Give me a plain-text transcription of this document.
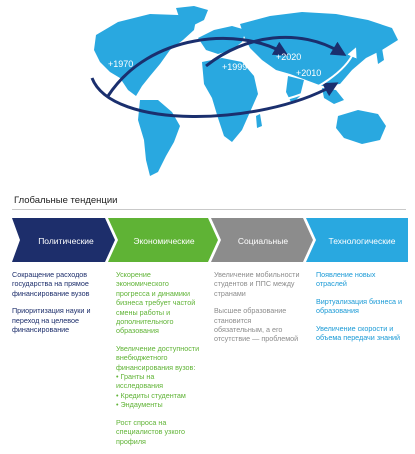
+1970	+1999
+2020
+2010
Глобальные тенденции
Политические	Экономические	Социальные	Технологические

Сокращение расходов государства на прямое финансирование вузов

Приоритизация науки и переход на целевое финансирование

Ускорение экономического прогресса и динамики бизнеса требует частой смены работы и дополнительного образования

Увеличение доступности внебюджетного финансирования вузов:

• Гранты на исследования

• Кредиты студентам

• Эндаументы

Рост спроса на специалистов узкого профиля

Увеличение мобильности студентов и ППС между странами

Высшее образование становится обязательным, а его отсутствие — проблемой

Появление новых отраслей

Виртуализация бизнеса и образования

Увеличение скорости и объема передачи знаний
